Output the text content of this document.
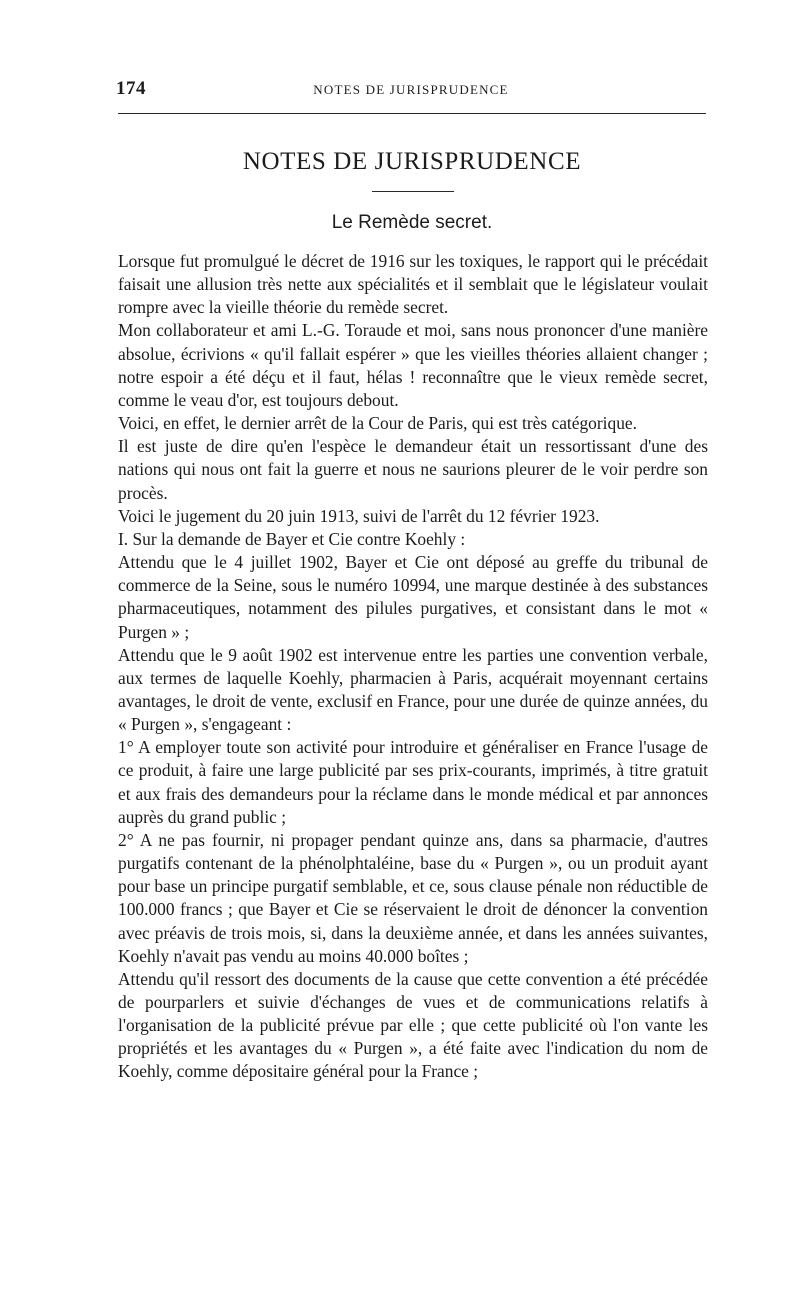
174	NOTES DE JURISPRUDENCE
NOTES DE JURISPRUDENCE
Le Remède secret.

Lorsque fut promulgué le décret de 1916 sur les toxiques, le rapport qui le précédait faisait une allusion très nette aux spécialités et il semblait que le législateur voulait rompre avec la vieille théorie du remède secret.

Mon collaborateur et ami L.-G. Toraude et moi, sans nous prononcer d'une manière absolue, écrivions « qu'il fallait espérer » que les vieilles théories allaient changer ; notre espoir a été déçu et il faut, hélas ! reconnaître que le vieux remède secret, comme le veau d'or, est toujours debout.

Voici, en effet, le dernier arrêt de la Cour de Paris, qui est très catégorique.

Il est juste de dire qu'en l'espèce le demandeur était un ressortissant d'une des nations qui nous ont fait la guerre et nous ne saurions pleurer de le voir perdre son procès.

Voici le jugement du 20 juin 1913, suivi de l'arrêt du 12 février 1923.

I. Sur la demande de Bayer et Cie contre Koehly :

Attendu que le 4 juillet 1902, Bayer et Cie ont déposé au greffe du tribunal de commerce de la Seine, sous le numéro 10994, une marque destinée à des substances pharmaceutiques, notamment des pilules purgatives, et consistant dans le mot « Purgen » ;

Attendu que le 9 août 1902 est intervenue entre les parties une convention verbale, aux termes de laquelle Koehly, pharmacien à Paris, acquérait moyennant certains avantages, le droit de vente, exclusif en France, pour une durée de quinze années, du « Purgen », s'engageant :

1° A employer toute son activité pour introduire et généraliser en France l'usage de ce produit, à faire une large publicité par ses prix-courants, imprimés, à titre gratuit et aux frais des demandeurs pour la réclame dans le monde médical et par annonces auprès du grand public ;

2° A ne pas fournir, ni propager pendant quinze ans, dans sa pharmacie, d'autres purgatifs contenant de la phénolphtaléine, base du « Purgen », ou un produit ayant pour base un principe purgatif semblable, et ce, sous clause pénale non réductible de 100.000 francs ; que Bayer et Cie se réservaient le droit de dénoncer la convention avec préavis de trois mois, si, dans la deuxième année, et dans les années suivantes, Koehly n'avait pas vendu au moins 40.000 boîtes ;

Attendu qu'il ressort des documents de la cause que cette convention a été précédée de pourparlers et suivie d'échanges de vues et de communications relatifs à l'organisation de la publicité prévue par elle ; que cette publicité où l'on vante les propriétés et les avantages du « Purgen », a été faite avec l'indication du nom de Koehly, comme dépositaire général pour la France ;
